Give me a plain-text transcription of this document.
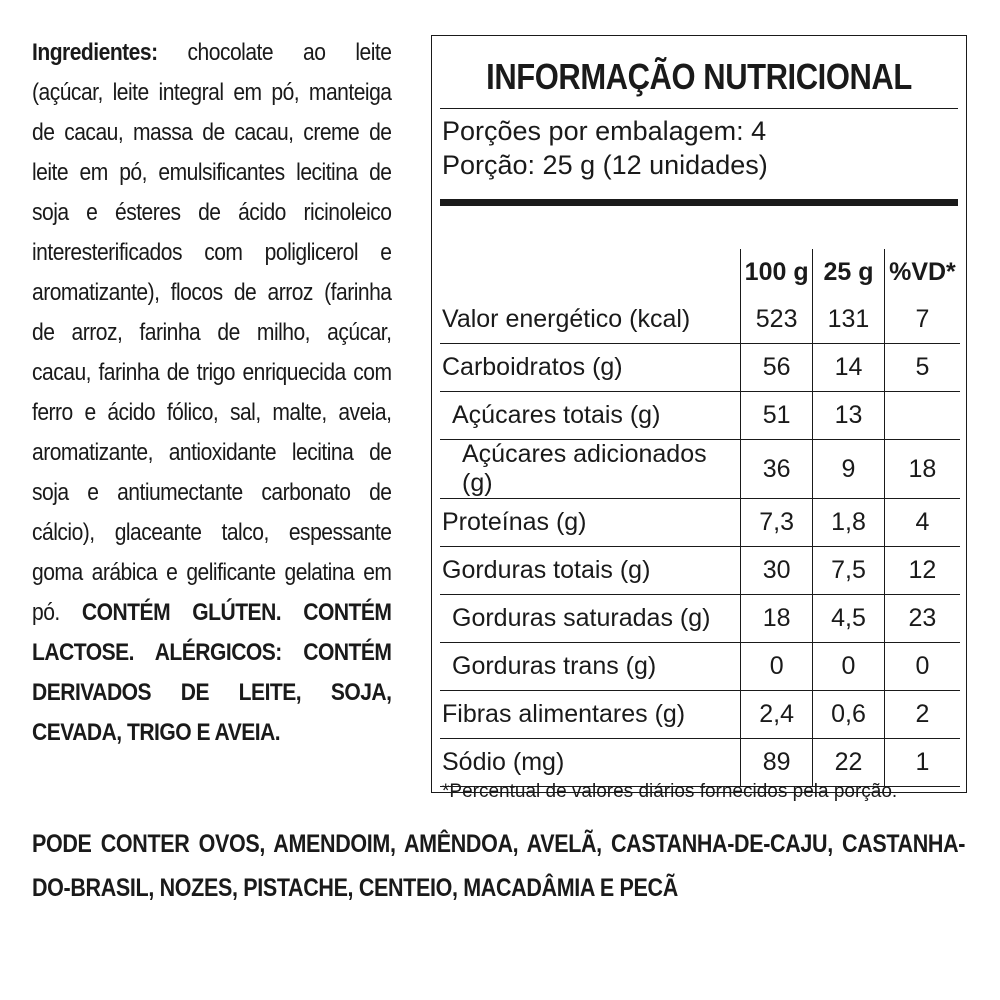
Ingredientes: chocolate ao leite (açúcar, leite integral em pó, manteiga de cacau, massa de cacau, creme de leite em pó, emulsificantes lecitina de soja e ésteres de ácido ricinoleico interesterificados com poliglicerol e aromatizante), flocos de arroz (farinha de arroz, farinha de milho, açúcar, cacau, farinha de trigo enriquecida com ferro e ácido fólico, sal, malte, aveia, aromatizante, antioxidante lecitina de soja e antiumectante carbonato de cálcio), glaceante talco, espessante goma arábica e gelificante gelatina em pó. CONTÉM GLÚTEN. CONTÉM LACTOSE. ALÉRGICOS: CONTÉM DERIVADOS DE LEITE, SOJA, CEVADA, TRIGO E AVEIA.
PODE CONTER OVOS, AMENDOIM, AMÊNDOA, AVELÃ, CASTANHA-DE-CAJU, CASTANHA-DO-BRASIL, NOZES, PISTACHE, CENTEIO, MACADÂMIA E PECÃ
INFORMAÇÃO NUTRICIONAL
Porções por embalagem: 4
Porção: 25 g (12 unidades)
	100 g	25 g	%VD*
Valor energético (kcal)	523	131	7
Carboidratos (g)	56	14	5
Açúcares totais (g)	51	13	
Açúcares adicionados (g)	36	9	18
Proteínas (g)	7,3	1,8	4
Gorduras totais (g)	30	7,5	12
Gorduras saturadas (g)	18	4,5	23
Gorduras trans (g)	0	0	0
Fibras alimentares (g)	2,4	0,6	2
Sódio (mg)	89	22	1
*Percentual de valores diários fornecidos pela porção.
